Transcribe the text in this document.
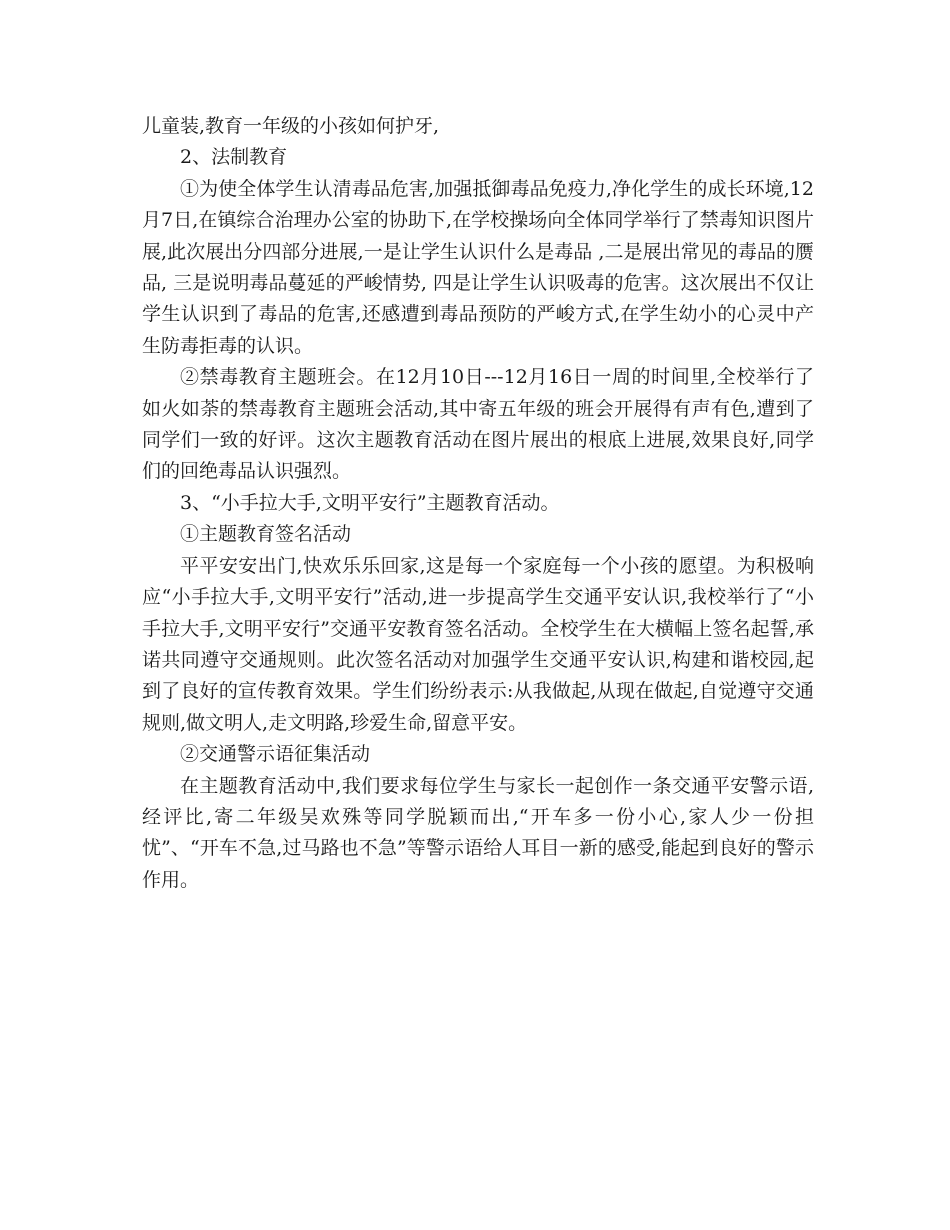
儿童装,教育一年级的小孩如何护牙,

2、法制教育

①为使全体学生认清毒品危害,加强抵御毒品免疫力,净化学生的成长环境,12月7日,在镇综合治理办公室的协助下,在学校操场向全体同学举行了禁毒知识图片展,此次展出分四部分进展,一是让学生认识什么是毒品 ,二是展出常见的毒品的赝品, 三是说明毒品蔓延的严峻情势, 四是让学生认识吸毒的危害。这次展出不仅让学生认识到了毒品的危害,还感遭到毒品预防的严峻方式,在学生幼小的心灵中产生防毒拒毒的认识。

②禁毒教育主题班会。在12月10日---12月16日一周的时间里,全校举行了如火如荼的禁毒教育主题班会活动,其中寄五年级的班会开展得有声有色,遭到了同学们一致的好评。这次主题教育活动在图片展出的根底上进展,效果良好,同学们的回绝毒品认识强烈。

3、“小手拉大手,文明平安行”主题教育活动。

①主题教育签名活动

平平安安出门,快欢乐乐回家,这是每一个家庭每一个小孩的愿望。为积极响应“小手拉大手,文明平安行”活动,进一步提高学生交通平安认识,我校举行了“小手拉大手,文明平安行”交通平安教育签名活动。全校学生在大横幅上签名起誓,承诺共同遵守交通规则。此次签名活动对加强学生交通平安认识,构建和谐校园,起到了良好的宣传教育效果。学生们纷纷表示:从我做起,从现在做起,自觉遵守交通规则,做文明人,走文明路,珍爱生命,留意平安。

②交通警示语征集活动

在主题教育活动中,我们要求每位学生与家长一起创作一条交通平安警示语,经评比,寄二年级吴欢殊等同学脱颖而出,“开车多一份小心,家人少一份担忧”、“开车不急,过马路也不急”等警示语给人耳目一新的感受,能起到良好的警示作用。
